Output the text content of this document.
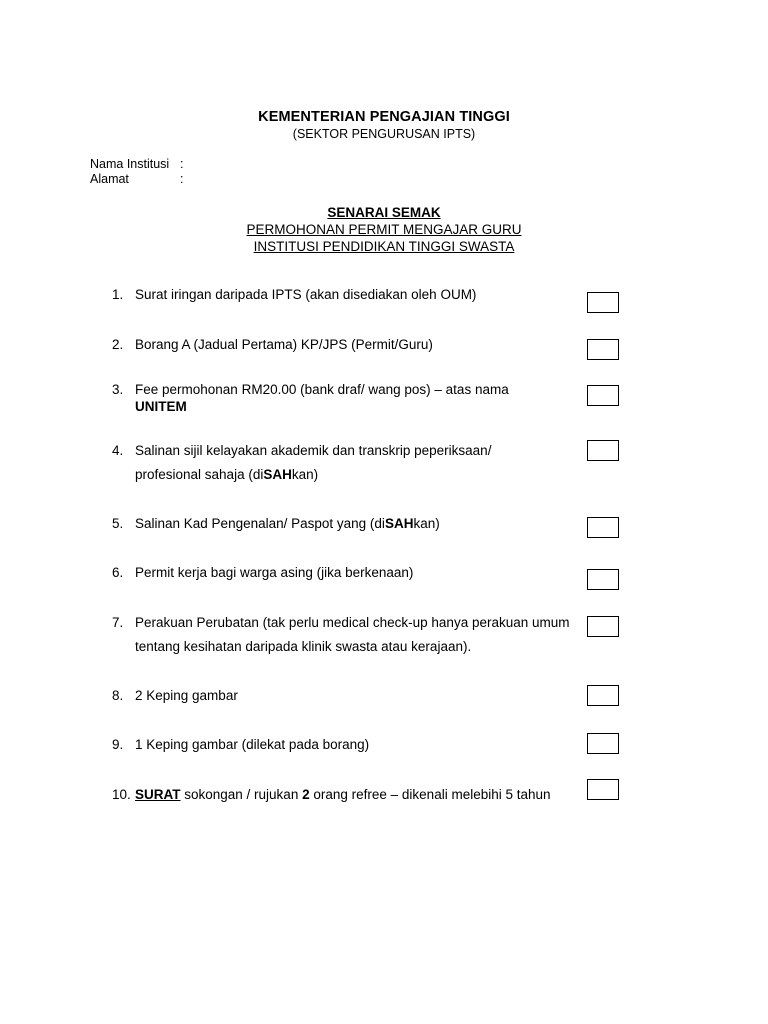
KEMENTERIAN PENGAJIAN TINGGI
(SEKTOR PENGURUSAN IPTS)
Nama Institusi :
Alamat	:
SENARAI SEMAK
PERMOHONAN PERMIT MENGAJAR GURU
INSTITUSI PENDIDIKAN TINGGI SWASTA
1. Surat iringan daripada IPTS (akan disediakan oleh OUM)
2. Borang A (Jadual Pertama) KP/JPS (Permit/Guru)
3. Fee permohonan RM20.00 (bank draf/ wang pos) – atas nama
UNITEM
4. Salinan sijil kelayakan akademik dan transkrip peperiksaan/
profesional sahaja (diSAHkan)
5. Salinan Kad Pengenalan/ Paspot yang (diSAHkan)
6. Permit kerja bagi warga asing (jika berkenaan)
7. Perakuan Perubatan (tak perlu medical check-up hanya perakuan umum
tentang kesihatan daripada klinik swasta atau kerajaan).
8. 2 Keping gambar
9. 1 Keping gambar (dilekat pada borang)
10. SURAT sokongan / rujukan 2 orang refree – dikenali melebihi 5 tahun
